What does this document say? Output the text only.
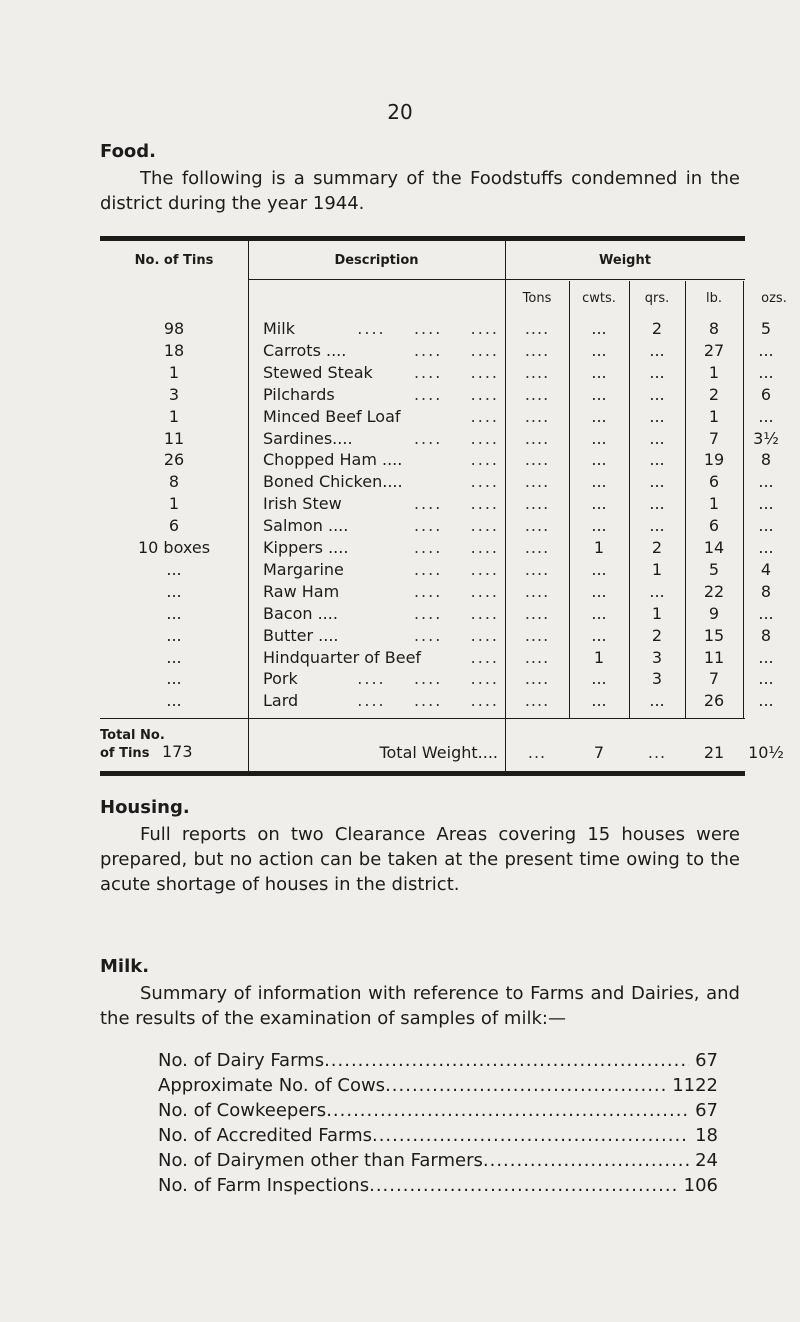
20
Food.
The following is a summary of the Foodstuffs condemned in the district during the year 1944.
No. of Tins	Description	Weight
Tons	cwts.	qrs.	lb.	ozs.
98	Milk	....	...	2	8	5
....    ....    ....
18	Carrots ....	....	...	...	27	...
....    ....
1	Stewed Steak	....	...	...	1	...
....    ....
3	Pilchards	....	...	...	2	6
....    ....
1	Minced Beef Loaf	....	...	...	1	...
....
11	Sardines....	....	...	...	7	3½
....    ....
26	Chopped Ham ....	....	...	...	19	8
....
8	Boned Chicken....	....	...	...	6	...
....
1	Irish Stew	....	...	...	1	...
....    ....
6	Salmon ....	....	...	...	6	...
....    ....
10 boxes	Kippers ....	....	1	2	14	...
....    ....
...	Margarine	....	...	1	5	4
....    ....
...	Raw Ham	....	...	...	22	8
....    ....
...	Bacon ....	....	...	1	9	...
....    ....
...	Butter ....	....	...	2	15	8
....    ....
...	Hindquarter of Beef	....	1	3	11	...
....
...	Pork	....	...	3	7	...
....    ....    ....
...	Lard	....	...	...	26	...
....    ....    ....
Total No.
of Tins 173	Total Weight....	...	7	...	21	10½
Housing.
Full reports on two Clearance Areas covering 15 houses were prepared, but no action can be taken at the present time owing to the acute shortage of houses in the district.
Milk.
Summary of information with reference to Farms and Dairies, and the results of the examination of samples of milk:—
No. of Dairy Farms .....	67
Approximate No. of Cows .....	1122
No. of Cowkeepers .....	67
No. of Accredited Farms .....	18
No. of Dairymen other than Farmers .....	24
No. of Farm Inspections .....	106
